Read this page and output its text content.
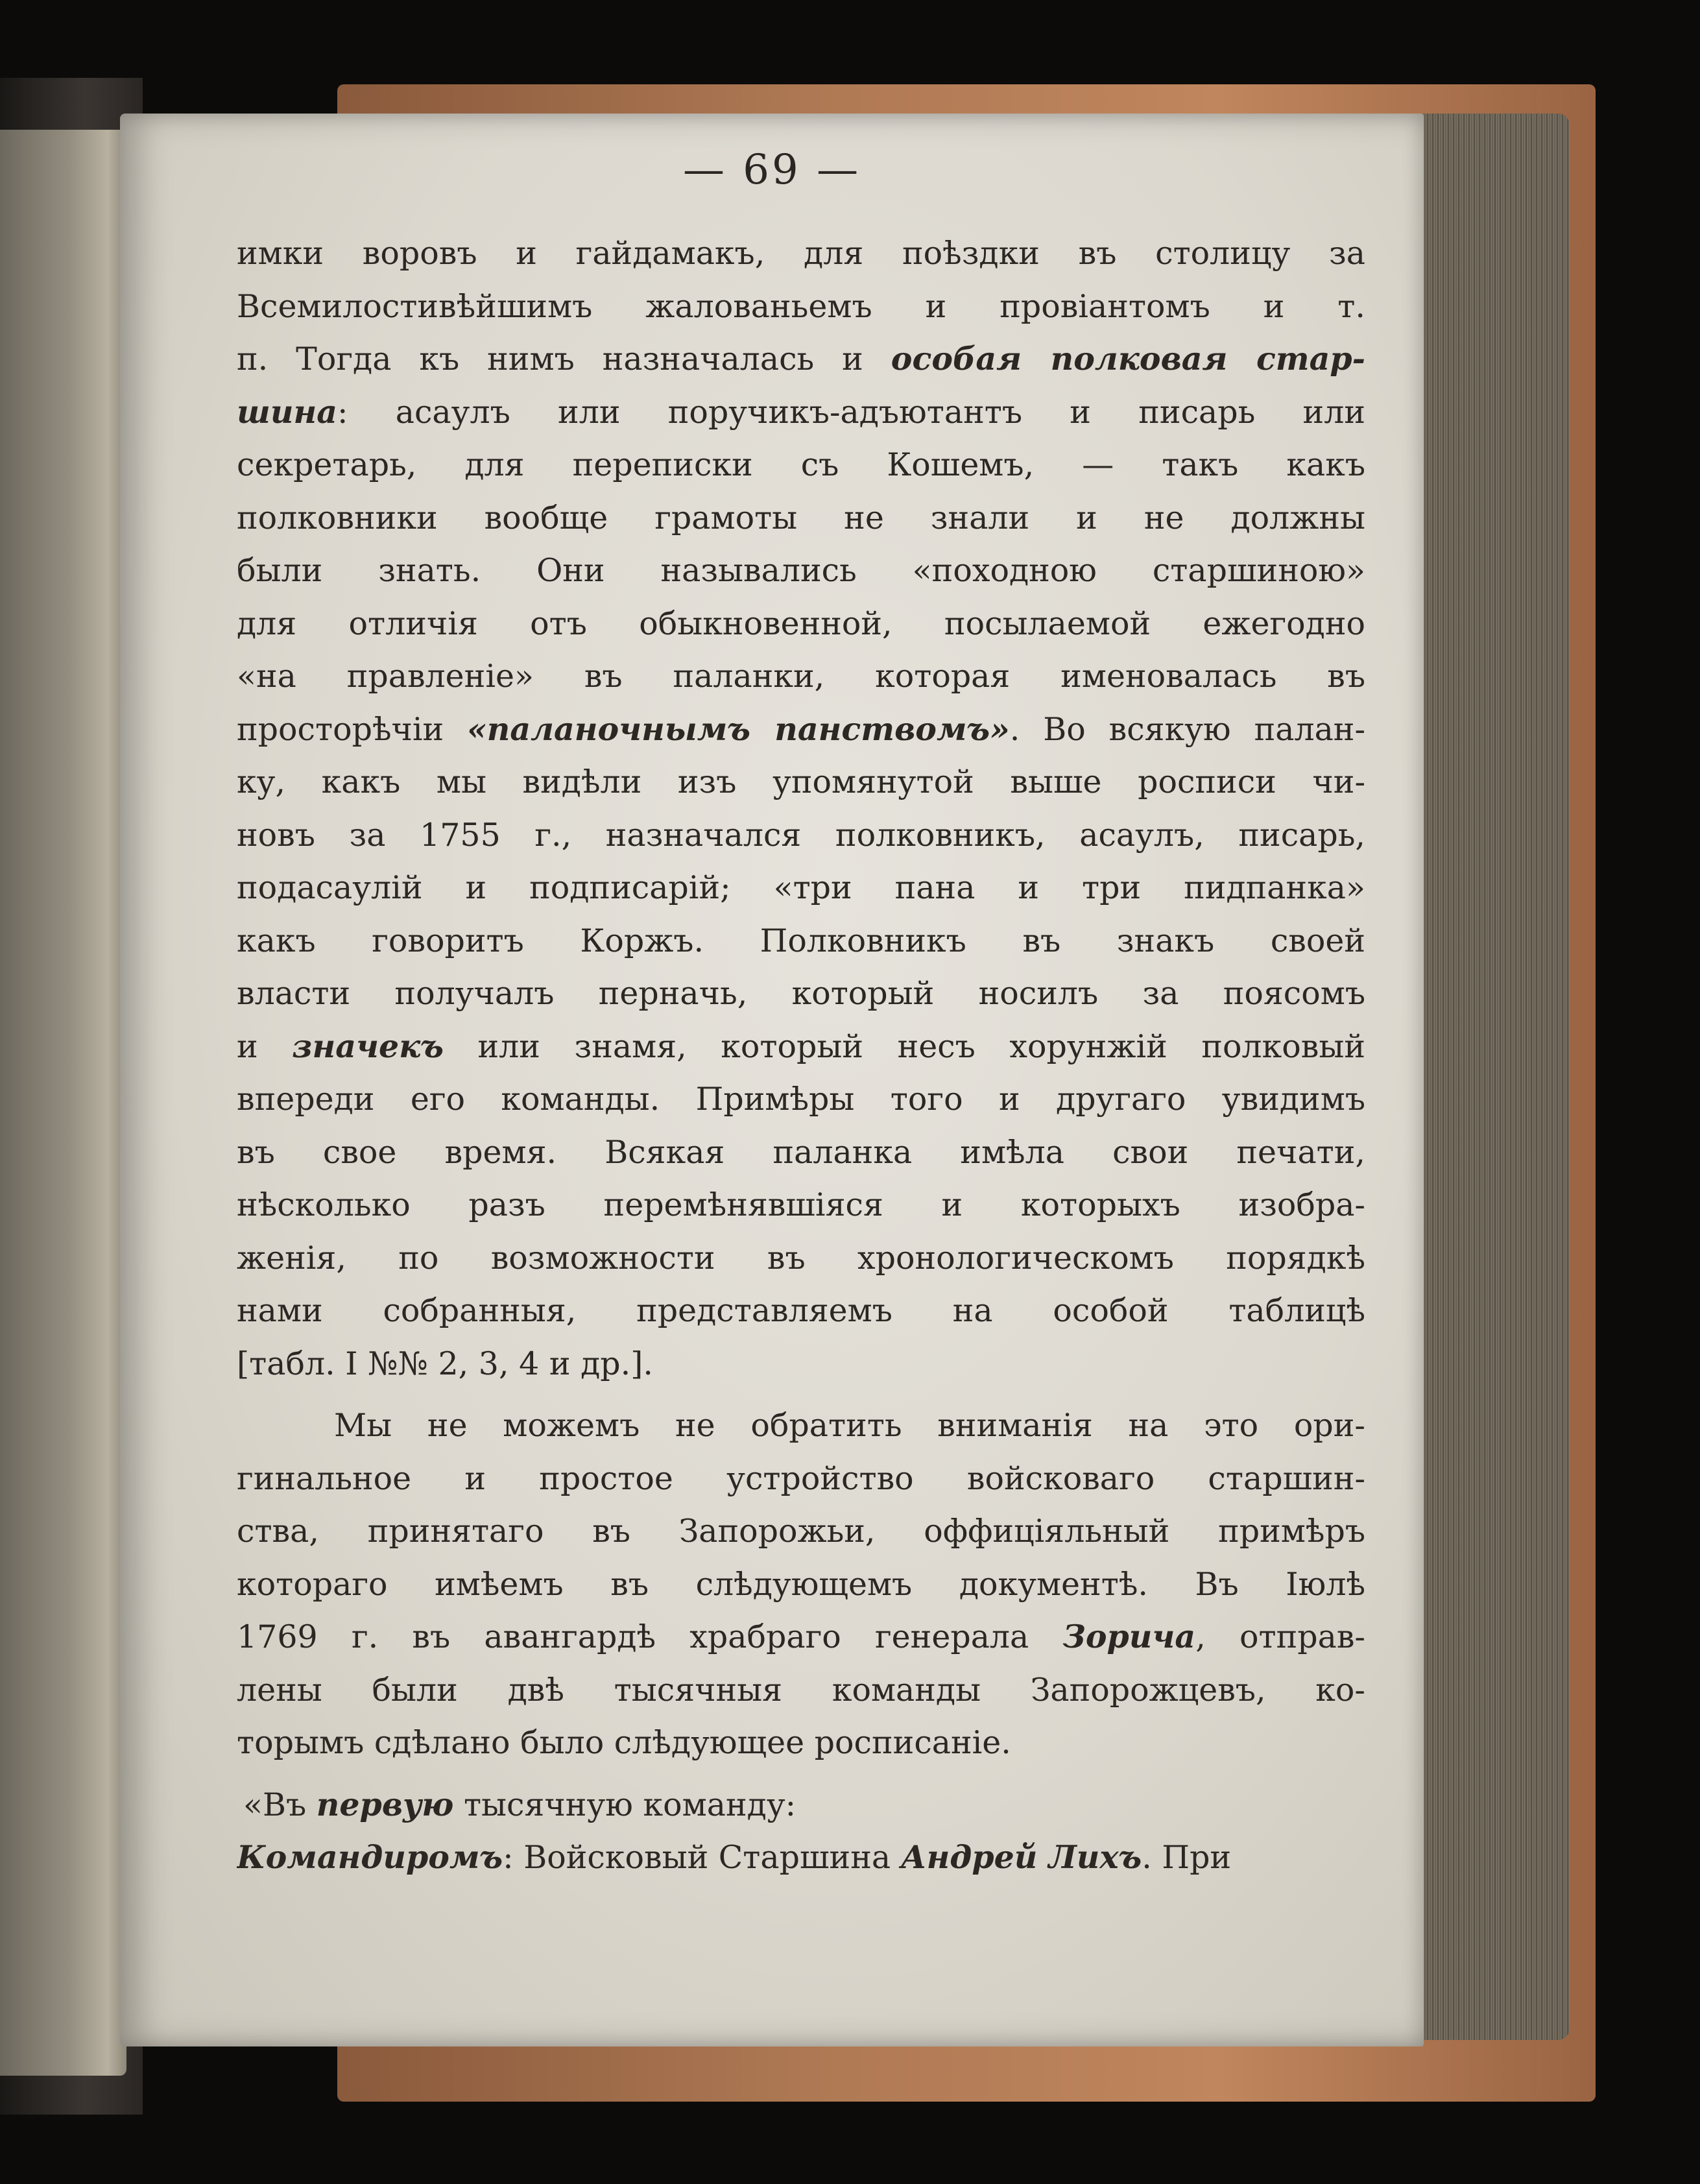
— 69 —
имки воровъ и гайдамакъ, для поѣздки въ столицу за
Всемилостивѣйшимъ жалованьемъ и провіантомъ и т.
п. Тогда къ нимъ назначалась и особая полковая стар-
шина: асаулъ или поручикъ-адъютантъ и писарь или
секретарь, для переписки съ Кошемъ, — такъ какъ
полковники вообще грамоты не знали и не должны
были знать. Они назывались «походною старшиною»
для отличія отъ обыкновенной, посылаемой ежегодно
«на правленіе» въ паланки, которая именовалась въ
просторѣчіи «паланочнымъ панствомъ». Во всякую палан-
ку, какъ мы видѣли изъ упомянутой выше росписи чи-
новъ за 1755 г., назначался полковникъ, асаулъ, писарь,
подасаулій и подписарій; «три пана и три пидпанка»
какъ говоритъ Коржъ. Полковникъ въ знакъ своей
власти получалъ перначь, который носилъ за поясомъ
и значекъ или знамя, который несъ хорунжій полковый
впереди его команды. Примѣры того и другаго увидимъ
въ свое время. Всякая паланка имѣла свои печати,
нѣсколько разъ перемѣнявшіяся и которыхъ изобра-
женія, по возможности въ хронологическомъ порядкѣ
нами собранныя, представляемъ на особой таблицѣ
[табл. I №№ 2, 3, 4 и др.].
Мы не можемъ не обратить вниманія на это ори-
гинальное и простое устройство войсковаго старшин-
ства, принятаго въ Запорожьи, оффиціяльный примѣръ
котораго имѣемъ въ слѣдующемъ документѣ. Въ Іюлѣ
1769 г. въ авангардѣ храбраго генерала Зорича, отправ-
лены были двѣ тысячныя команды Запорожцевъ, ко-
торымъ сдѣлано было слѣдующее росписаніе.
«Въ первую тысячную команду:
Командиромъ: Войсковый Старшина Андрей Лихъ. При
